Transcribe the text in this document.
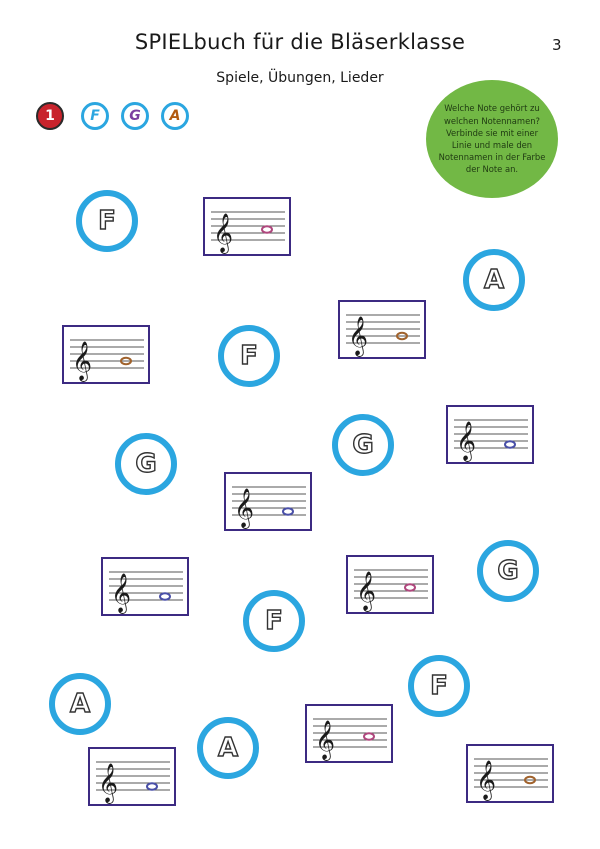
SPIELbuch für die Bläserklasse
Spiele, Übungen, Lieder
3
1	F G A	Welche Note gehört zu welchen Notennamen? Verbinde sie mit einer Linie und male den Notennamen in der Farbe der Note an.
F
A
F
G
G
G
F
A
F
A
𝄞
𝄞
𝄞
𝄞
𝄞
𝄞	𝄞
𝄞
𝄞	𝄞
